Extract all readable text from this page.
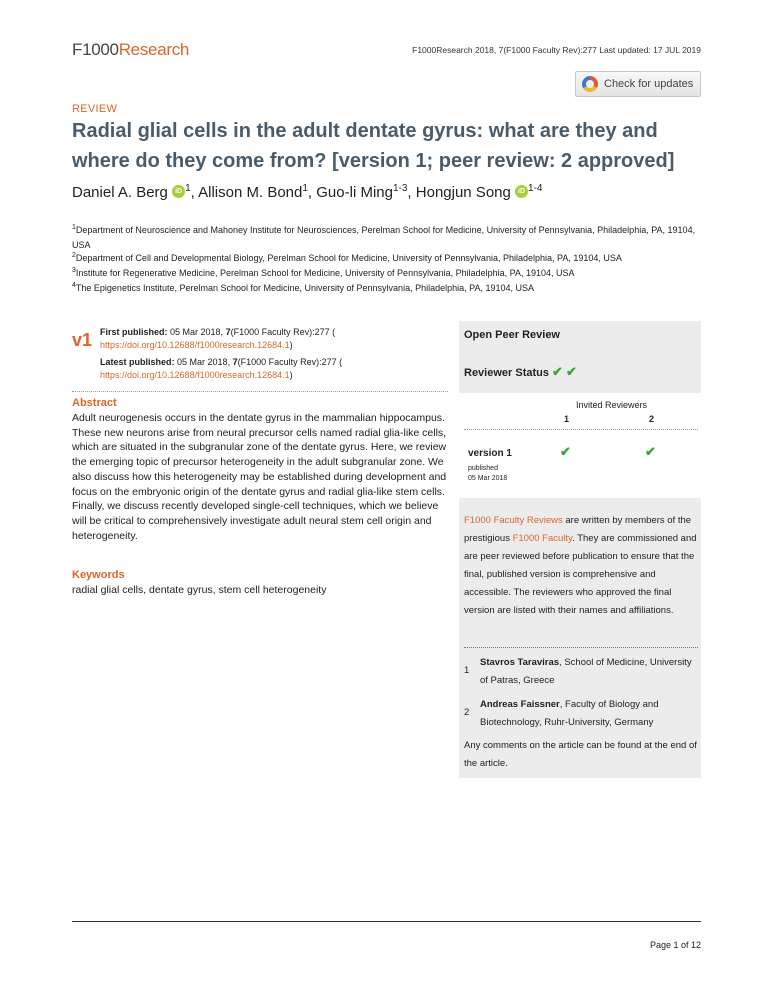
F1000Research	F1000Research 2018, 7(F1000 Faculty Rev):277 Last updated: 17 JUL 2019
Check for updates
REVIEW
Radial glial cells in the adult dentate gyrus: what are they and where do they come from? [version 1; peer review: 2 approved]
Daniel A. Berg iD $^1$, Allison M. Bond$^1$, Guo-li Ming$^{1-3}$, Hongjun Song iD $^{1-4}$
$^1$Department of Neuroscience and Mahoney Institute for Neurosciences, Perelman School for Medicine, University of Pennsylvania, Philadelphia, PA, 19104, USA
$^2$Department of Cell and Developmental Biology, Perelman School for Medicine, University of Pennsylvania, Philadelphia, PA, 19104, USA
$^3$Institute for Regenerative Medicine, Perelman School for Medicine, University of Pennsylvania, Philadelphia, PA, 19104, USA
$^4$The Epigenetics Institute, Perelman School for Medicine, University of Pennsylvania, Philadelphia, PA, 19104, USA
v1 First published: 05 Mar 2018, 7(F1000 Faculty Rev):277 (
https://doi.org/10.12688/f1000research.12684.1)
Latest published: 05 Mar 2018, 7(F1000 Faculty Rev):277 (
https://doi.org/10.12688/f1000research.12684.1)
Abstract
Adult neurogenesis occurs in the dentate gyrus in the mammalian hippocampus. These new neurons arise from neural precursor cells named radial glia-like cells, which are situated in the subgranular zone of the dentate gyrus. Here, we review the emerging topic of precursor heterogeneity in the adult subgranular zone. We also discuss how this heterogeneity may be established during development and focus on the embryonic origin of the dentate gyrus and radial glia-like stem cells. Finally, we discuss recently developed single-cell techniques, which we believe will be critical to comprehensively investigate adult neural stem cell origin and heterogeneity.
Keywords
radial glial cells, dentate gyrus, stem cell heterogeneity
Open Peer Review
Reviewer Status ✔ ✔
Invited Reviewers
1	2
version 1
published
05 Mar 2018
✔	✔
F1000 Faculty Reviews are written by members of the prestigious F1000 Faculty. They are commissioned and are peer reviewed before publication to ensure that the final, published version is comprehensive and accessible. The reviewers who approved the final version are listed with their names and affiliations.
1
Stavros Taraviras, School of Medicine, University of Patras, Greece
2
Andreas Faissner, Faculty of Biology and Biotechnology, Ruhr-University, Germany
Any comments on the article can be found at the end of the article.
Page 1 of 12
